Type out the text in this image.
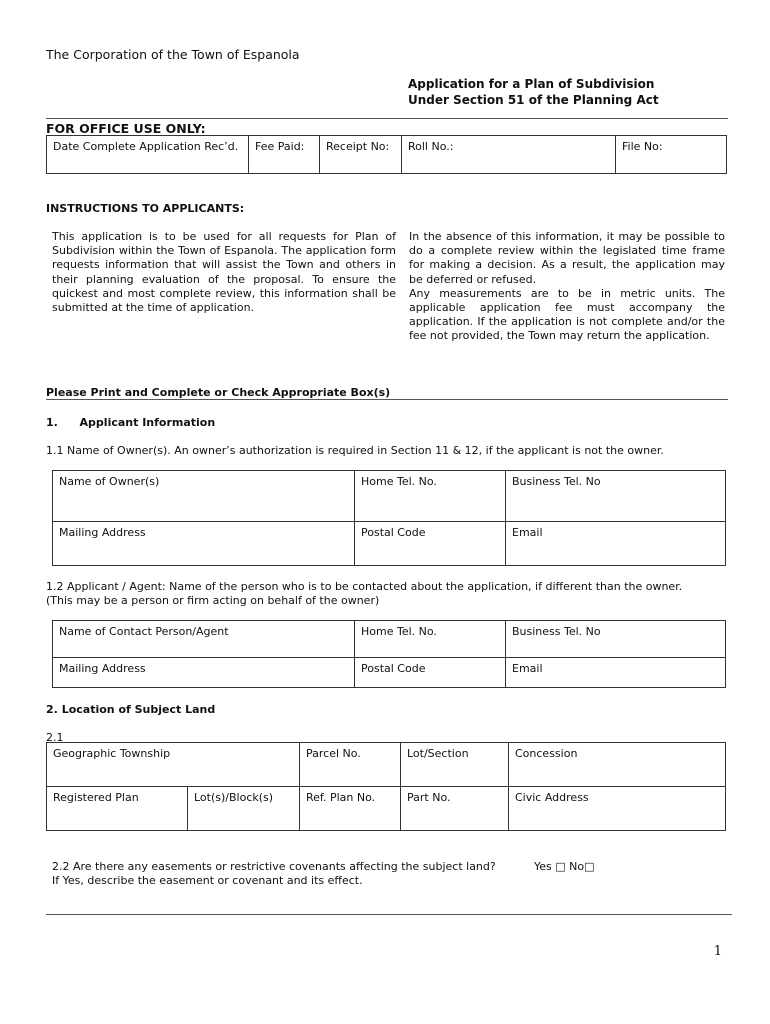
The Corporation of the Town of Espanola
Application for a Plan of Subdivision
Under Section 51 of the Planning Act
FOR OFFICE USE ONLY:
Date Complete Application Rec’d.	Fee Paid:	Receipt No:	Roll No.:	File No:
INSTRUCTIONS TO APPLICANTS:

This application is to be used for all requests for Plan of Subdivision within the Town of Espanola. The application form requests information that will assist the Town and others in their planning evaluation of the proposal. To ensure the quickest and most complete review, this information shall be submitted at the time of application.

In the absence of this information, it may be possible to do a complete review within the legislated time frame for making a decision. As a result, the application may be deferred or refused.

Any measurements are to be in metric units. The applicable application fee must accompany the application. If the application is not complete and/or the fee not provided, the Town may return the application.

Please Print and Complete or Check Appropriate Box(s)
1. Applicant Information
1.1 Name of Owner(s). An owner’s authorization is required in Section 11 & 12, if the applicant is not the owner.
Name of Owner(s)	Home Tel. No.	Business Tel. No
Mailing Address	Postal Code	Email
1.2 Applicant / Agent: Name of the person who is to be contacted about the application, if different than the owner.
(This may be a person or firm acting on behalf of the owner)
Name of Contact Person/Agent	Home Tel. No.	Business Tel. No
Mailing Address	Postal Code	Email
2. Location of Subject Land
2.1
Geographic Township		Parcel No.	Lot/Section	Concession
Registered Plan	Lot(s)/Block(s)	Ref. Plan No.	Part No.	Civic Address
2.2 Are there any easements or restrictive covenants affecting the subject land?	Yes □ No□
If Yes, describe the easement or covenant and its effect.
1
